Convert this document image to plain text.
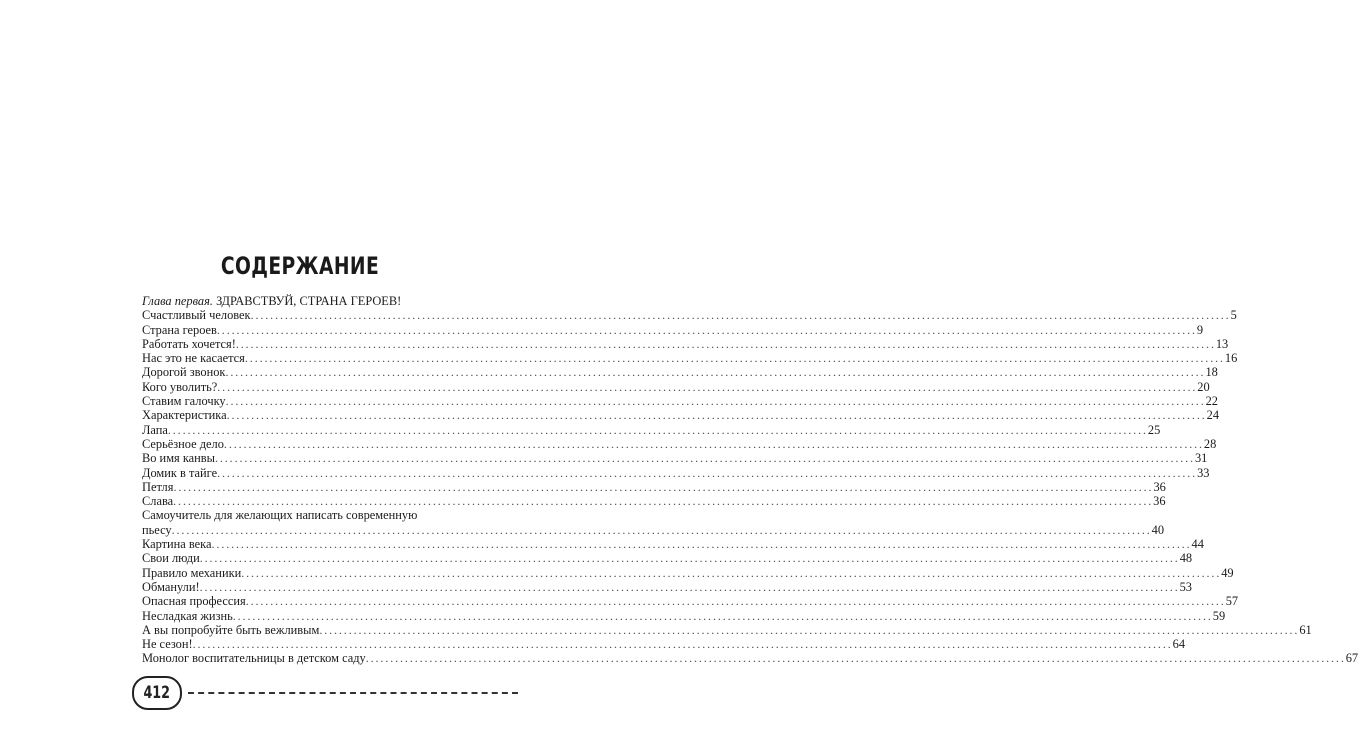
СОДЕРЖАНИЕ
Глава первая. ЗДРАВСТВУЙ, СТРАНА ГЕРОЕВ!
Счастливый человек ........................................................................................................................................................................................................ 5
Страна героев ........................................................................................................................................................................................................ 9
Работать хочется! ........................................................................................................................................................................................................ 13
Нас это не касается ........................................................................................................................................................................................................ 16
Дорогой звонок ........................................................................................................................................................................................................ 18
Кого уволить? ........................................................................................................................................................................................................ 20
Ставим галочку ........................................................................................................................................................................................................ 22
Характеристика ........................................................................................................................................................................................................ 24
Лапа ........................................................................................................................................................................................................ 25
Серьёзное дело ........................................................................................................................................................................................................ 28
Во имя канвы ........................................................................................................................................................................................................ 31
Домик в тайге ........................................................................................................................................................................................................ 33
Петля ........................................................................................................................................................................................................ 36
Слава ........................................................................................................................................................................................................ 36
Самоучитель для желающих написать современную
пьесу ........................................................................................................................................................................................................ 40
Картина века ........................................................................................................................................................................................................ 44
Свои люди ........................................................................................................................................................................................................ 48
Правило механики ........................................................................................................................................................................................................ 49
Обманули! ........................................................................................................................................................................................................ 53
Опасная профессия ........................................................................................................................................................................................................ 57
Несладкая жизнь ........................................................................................................................................................................................................ 59
А вы попробуйте быть вежливым ........................................................................................................................................................................................................ 61
Не сезон! ........................................................................................................................................................................................................ 64
Монолог воспитательницы в детском саду ........................................................................................................................................................................................................ 67
412
